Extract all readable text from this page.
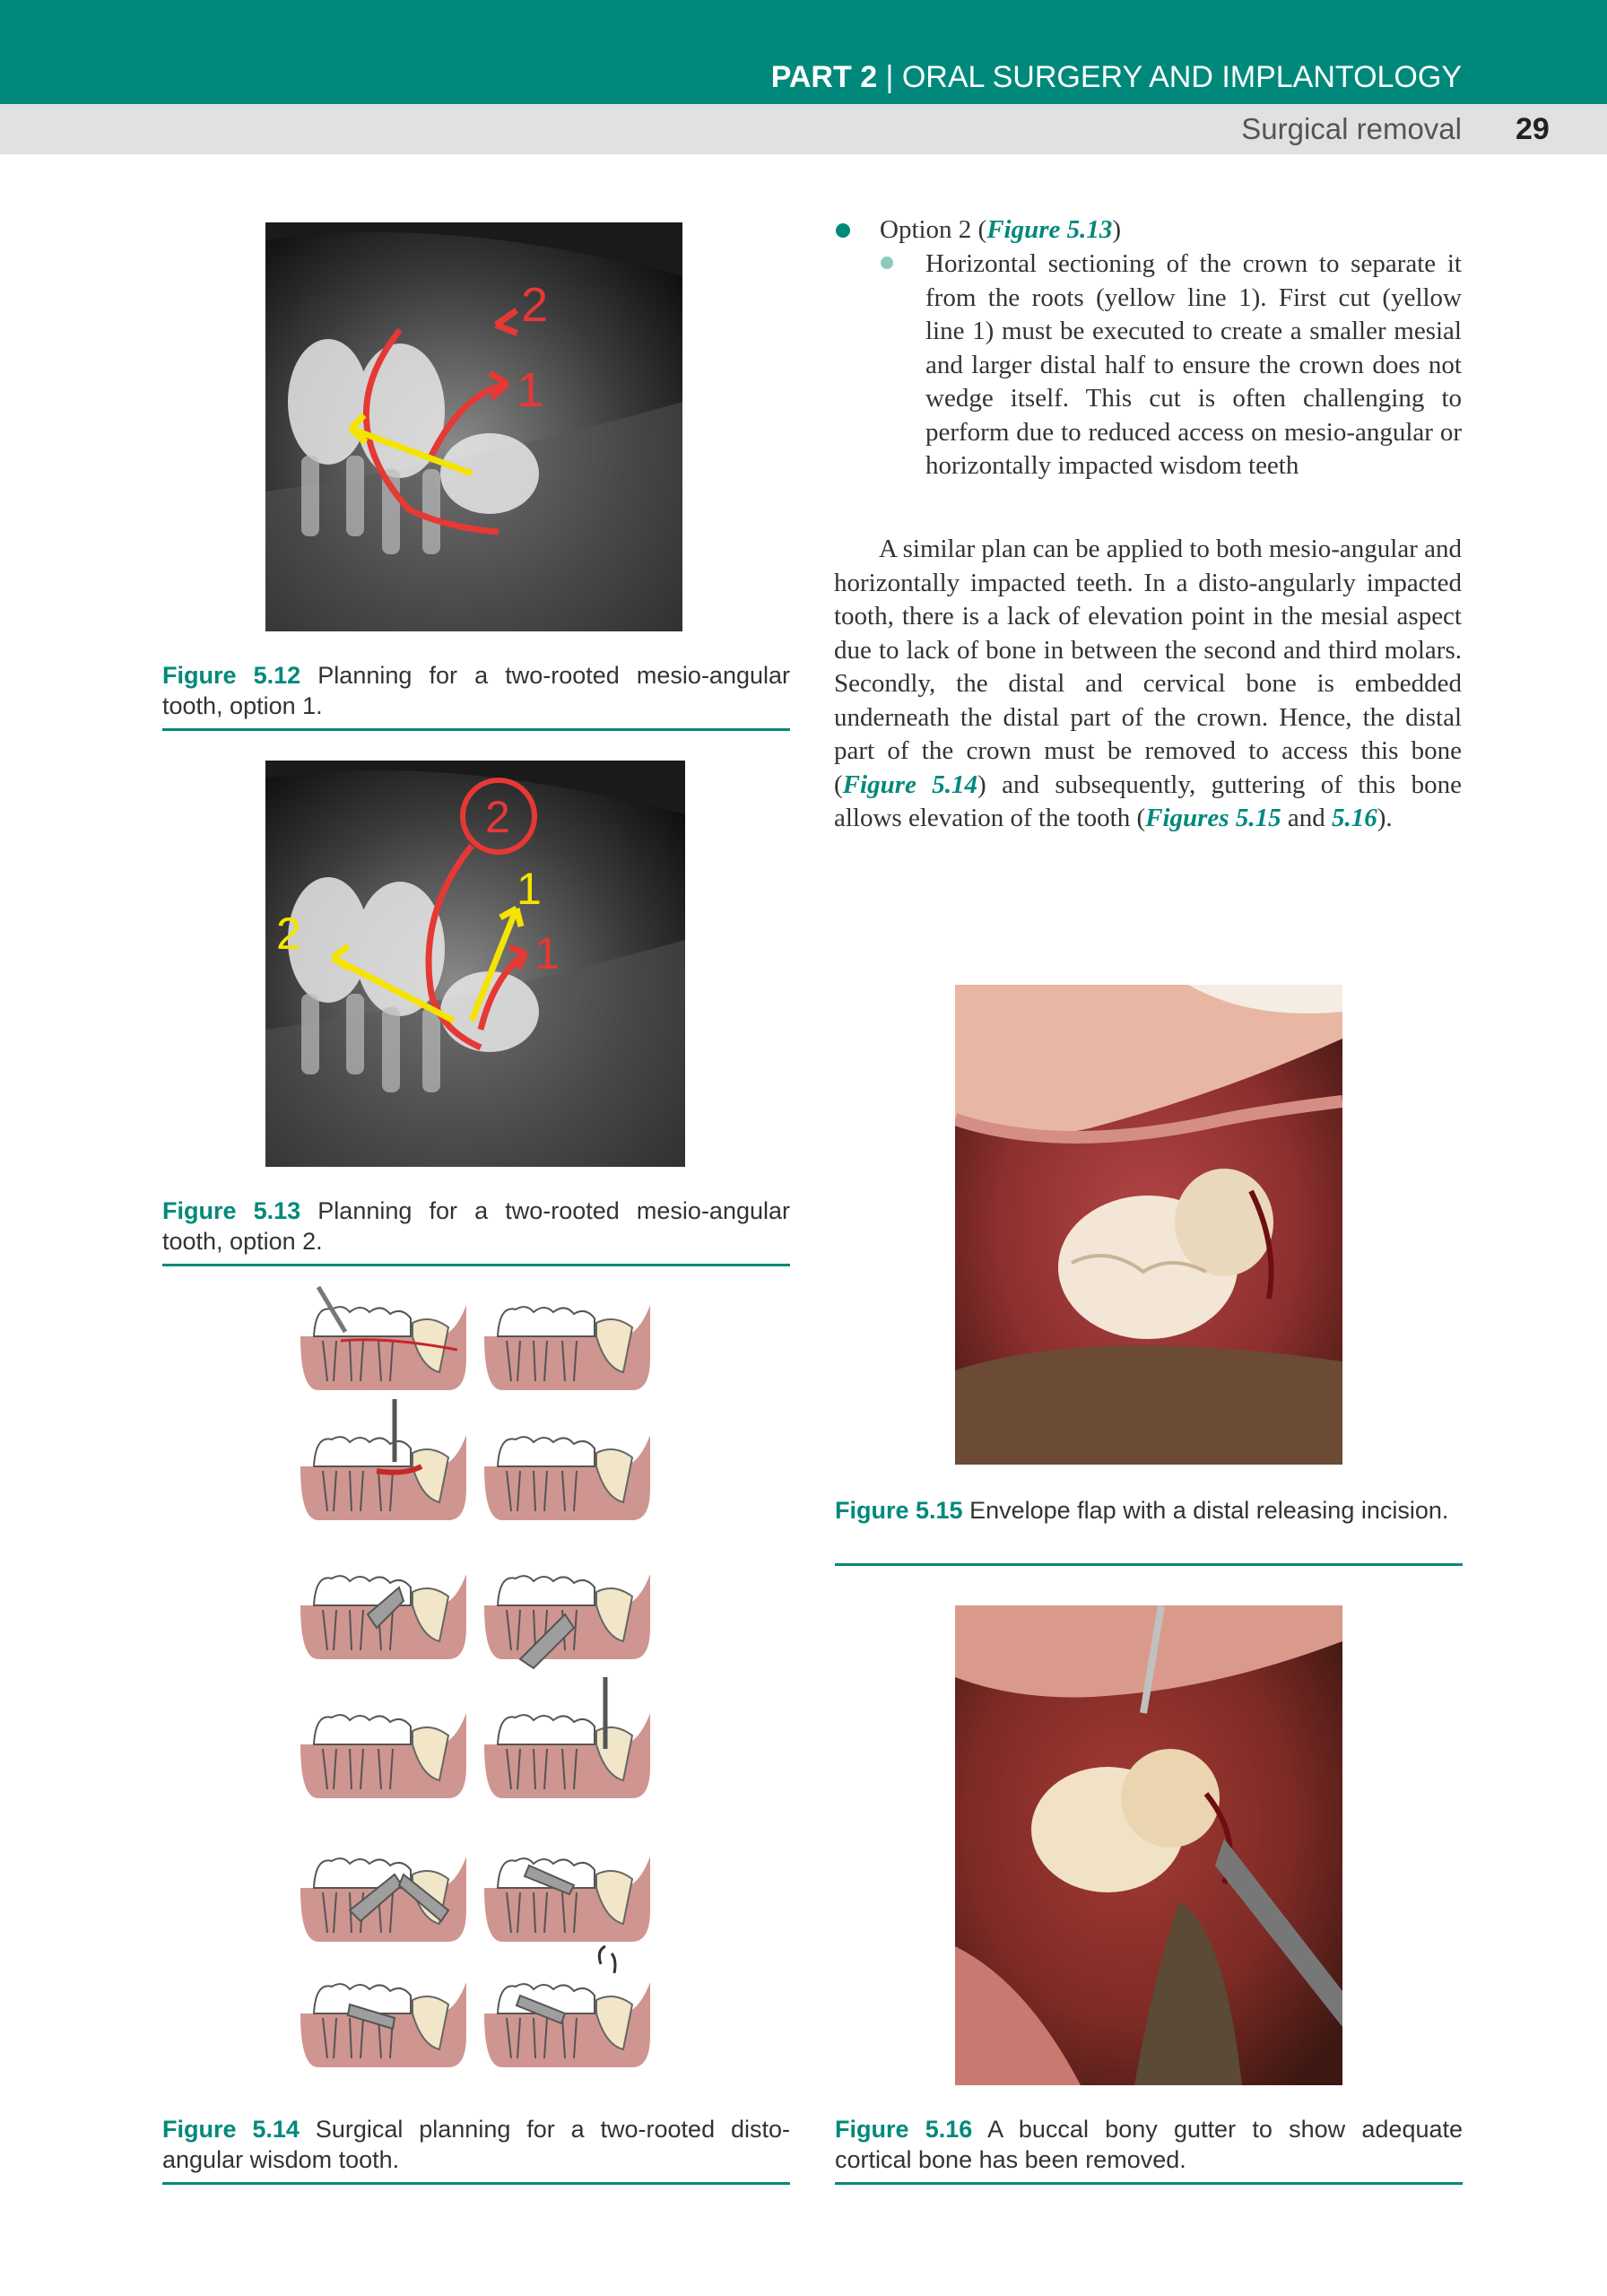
PART 2 | ORAL SURGERY AND IMPLANTOLOGY
Surgical removal 29
2
1
Figure 5.12 Planning for a two-rooted mesio-angular tooth, option 1.
2
1
2	1
Figure 5.13 Planning for a two-rooted mesio-angular tooth, option 2.
Figure 5.14 Surgical planning for a two-rooted disto-angular wisdom tooth.
Option 2 (Figure 5.13)
Horizontal sectioning of the crown to separate it from the roots (yellow line 1). First cut (yellow line 1) must be executed to create a smaller mesial and larger distal half to ensure the crown does not wedge itself. This cut is often challenging to perform due to reduced access on mesio-angular or horizontally impacted wisdom teeth
A similar plan can be applied to both mesio-angular and horizontally impacted teeth. In a disto-angularly impacted tooth, there is a lack of elevation point in the mesial aspect due to lack of bone in between the second and third molars. Secondly, the distal and cervical bone is embedded underneath the distal part of the crown. Hence, the distal part of the crown must be removed to access this bone (Figure 5.14) and subsequently, guttering of this bone allows elevation of the tooth (Figures 5.15 and 5.16).
Figure 5.15 Envelope flap with a distal releasing incision.
Figure 5.16 A buccal bony gutter to show adequate cortical bone has been removed.
